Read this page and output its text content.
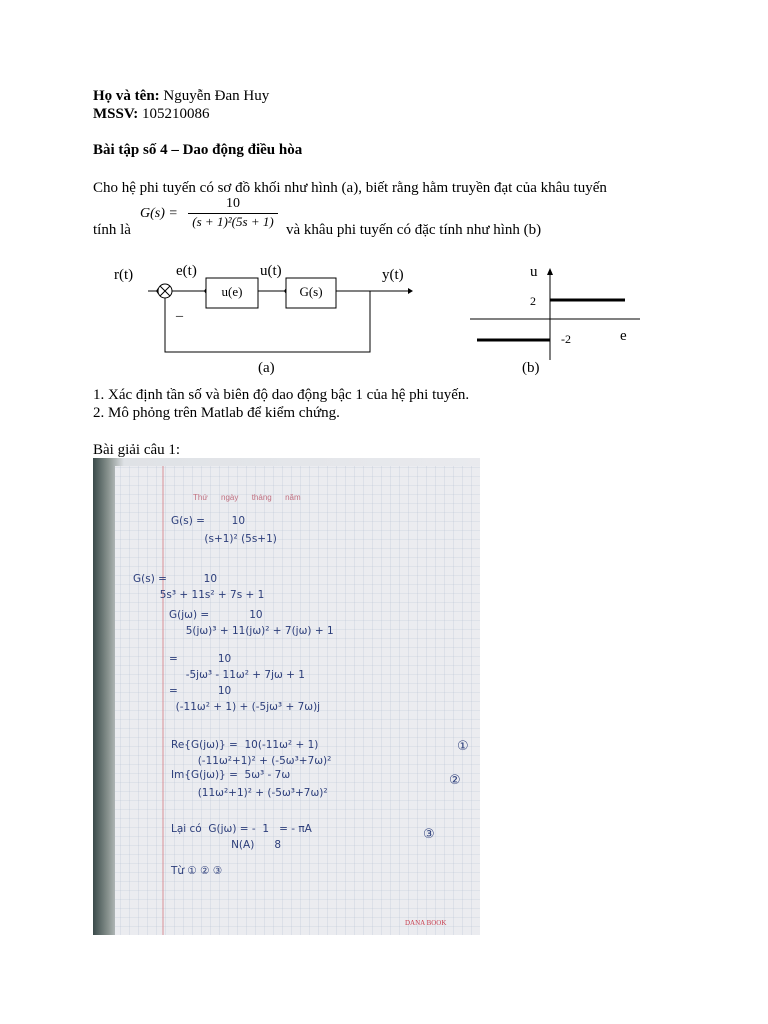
Họ và tên: Nguyễn Đan Huy
MSSV: 105210086
Bài tập số 4 – Dao động điều hòa
Cho hệ phi tuyến có sơ đồ khối như hình (a), biết rằng hằm truyền đạt của khâu tuyến
tính là
G(s) =
10
(s + 1)²(5s + 1)
và khâu phi tuyến có đặc tính như hình (b)
r(t)	e(t)	u(t)	y(t)
_
u(e)	G(s)
(a)
u
e
2
-2
(b)
1. Xác định tần số và biên độ dao động bậc 1 của hệ phi tuyến.
2. Mô phỏng trên Matlab để kiểm chứng.
Bài giải câu 1:
Thứ      ngày      tháng      năm
G(s) =        10
(s+1)² (5s+1)
G(s) =           10
5s³ + 11s² + 7s + 1
G(jω) =            10
5(jω)³ + 11(jω)² + 7(jω) + 1
=            10
-5jω³ - 11ω² + 7jω + 1
=            10
(-11ω² + 1) + (-5jω³ + 7ω)j
Re{G(jω)} =  10(-11ω² + 1)
(-11ω²+1)² + (-5ω³+7ω)²
Im{G(jω)} =  5ω³ - 7ω
(11ω²+1)² + (-5ω³+7ω)²
Lại có  G(jω) = -  1   = - πA
N(A)      8
Từ ① ② ③
①
②
③
DANA BOOK
